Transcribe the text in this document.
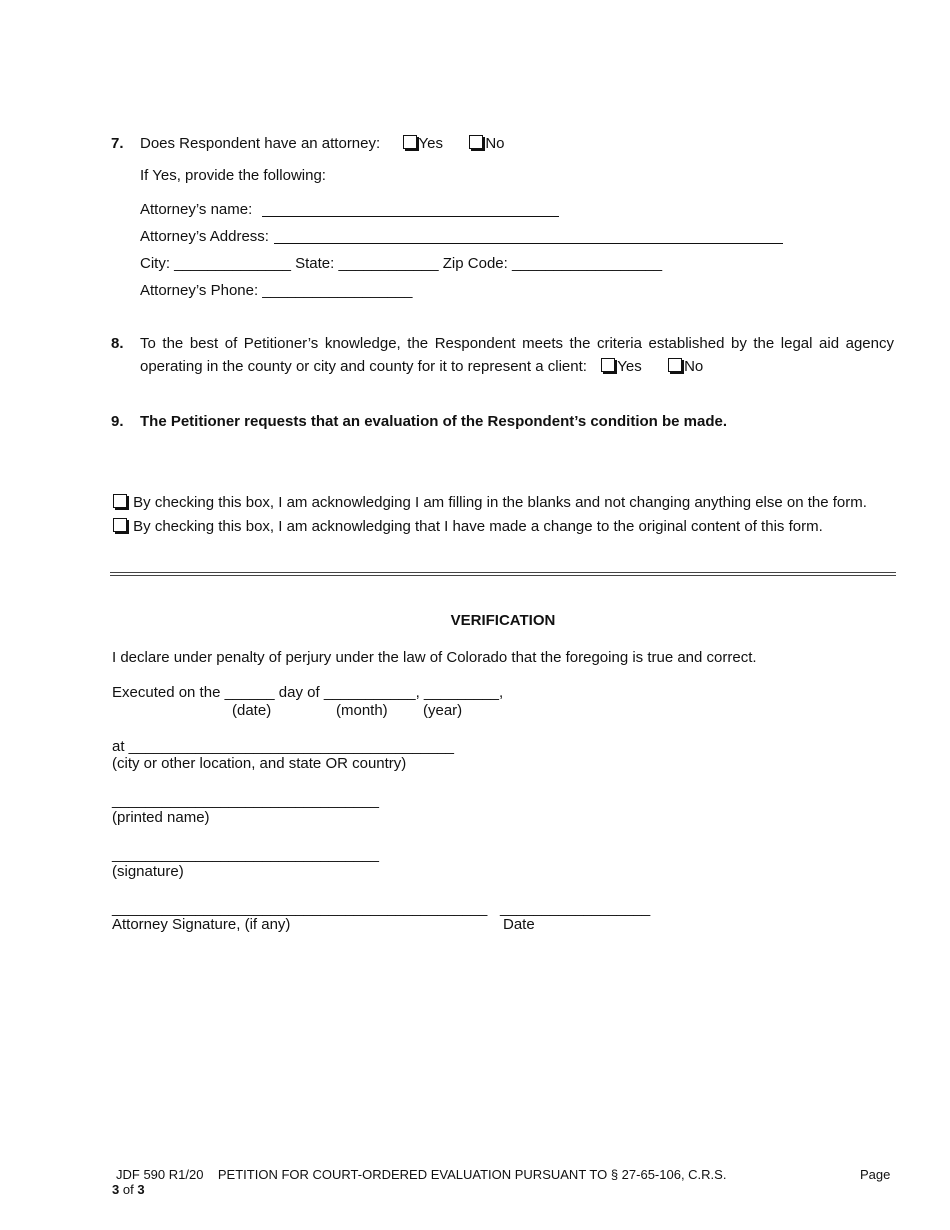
7. Does Respondent have an attorney:	Yes	No
If Yes, provide the following:
Attorney’s name:
Attorney’s Address:
City: ______________ State: ____________ Zip Code: __________________
Attorney’s Phone: __________________
8. To the best of Petitioner’s knowledge, the Respondent meets the criteria established by the legal aid agency
operating in the county or city and county for it to represent a client: Yes	No
9. The Petitioner requests that an evaluation of the Respondent’s condition be made.
By checking this box, I am acknowledging I am filling in the blanks and not changing anything else on the form.
By checking this box, I am acknowledging that I have made a change to the original content of this form.
VERIFICATION
I declare under penalty of perjury under the law of Colorado that the foregoing is true and correct.
Executed on the ______ day of ___________, _________,
(date)	(month) (year)
at _______________________________________
(city or other location, and state OR country)
________________________________
(printed name)
________________________________
(signature)
_____________________________________________ __________________
Attorney Signature, (if any)	Date
JDF 590 R1/20 PETITION FOR COURT-ORDERED EVALUATION PURSUANT TO § 27-65-106, C.R.S.	Page
3 of 3
